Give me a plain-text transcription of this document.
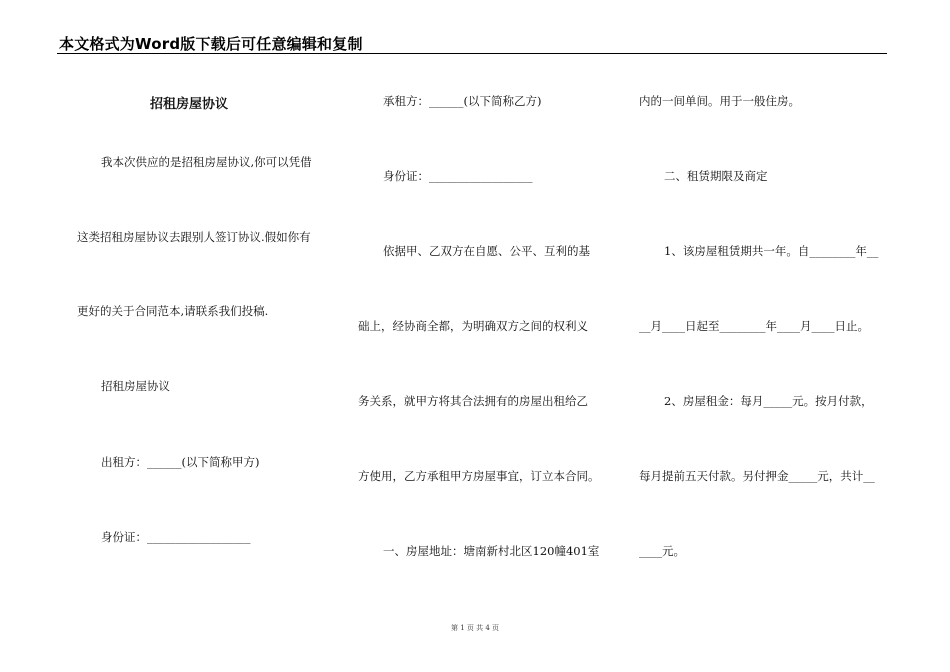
本文格式为Word版下载后可任意编辑和复制
招租房屋协议
我本次供应的是招租房屋协议,你可以凭借
这类招租房屋协议去跟别人签订协议.假如你有
更好的关于合同范本,请联系我们投稿.
招租房屋协议
出租方：______(以下简称甲方)
身份证：__________________
承租方：______(以下简称乙方)
身份证：__________________
依据甲、乙双方在自愿、公平、互利的基
础上，经协商全都，为明确双方之间的权利义
务关系，就甲方将其合法拥有的房屋出租给乙
方使用，乙方承租甲方房屋事宜，订立本合同。
一、房屋地址：塘南新村北区120幢401室
内的一间单间。用于一般住房。
二、租赁期限及商定
1、该房屋租赁期共一年。自________年__
__月____日起至________年____月____日止。
2、房屋租金：每月_____元。按月付款，
每月提前五天付款。另付押金_____元，共计__
____元。
第 1 页 共 4 页
